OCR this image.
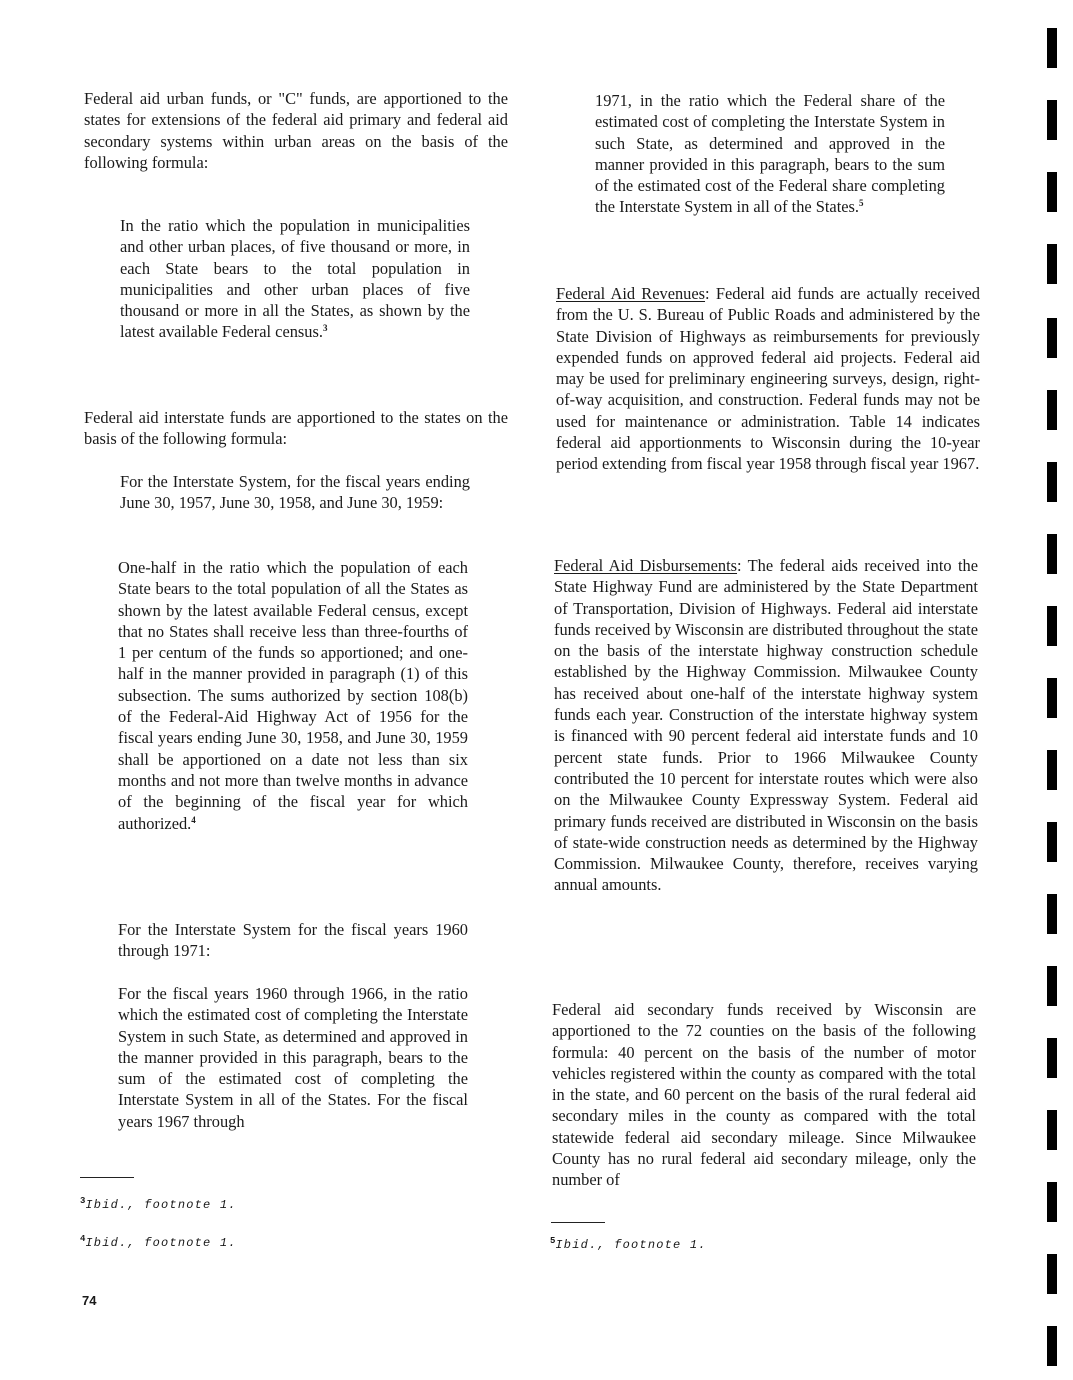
Federal aid urban funds, or "C" funds, are apportioned to the states for extensions of the federal aid primary and federal aid secondary systems within urban areas on the basis of the following formula:

In the ratio which the population in municipalities and other urban places, of five thousand or more, in each State bears to the total population in municipalities and other urban places of five thousand or more in all the States, as shown by the latest available Federal census.$^3$

Federal aid interstate funds are apportioned to the states on the basis of the following formula:

For the Interstate System, for the fiscal years ending June 30, 1957, June 30, 1958, and June 30, 1959:

One-half in the ratio which the population of each State bears to the total population of all the States as shown by the latest available Federal census, except that no States shall receive less than three-fourths of 1 per centum of the funds so apportioned; and one-half in the manner provided in paragraph (1) of this subsection. The sums authorized by section 108(b) of the Federal-Aid Highway Act of 1956 for the fiscal years ending June 30, 1958, and June 30, 1959 shall be apportioned on a date not less than six months and not more than twelve months in advance of the beginning of the fiscal year for which authorized.$^4$

For the Interstate System for the fiscal years 1960 through 1971:

For the fiscal years 1960 through 1966, in the ratio which the estimated cost of completing the Interstate System in such State, as determined and approved in the manner provided in this paragraph, bears to the sum of the estimated cost of completing the Interstate System in all of the States. For the fiscal years 1967 through

$^3$Ibid., footnote 1.

$^4$Ibid., footnote 1.

74

1971, in the ratio which the Federal share of the estimated cost of completing the Interstate System in such State, as determined and approved in the manner provided in this paragraph, bears to the sum of the estimated cost of the Federal share completing the Interstate System in all of the States.$^5$

Federal Aid Revenues: Federal aid funds are actually received from the U. S. Bureau of Public Roads and administered by the State Division of Highways as reimbursements for previously expended funds on approved federal aid projects. Federal aid may be used for preliminary engineering surveys, design, right-of-way acquisition, and construction. Federal funds may not be used for maintenance or administration. Table 14 indicates federal aid apportionments to Wisconsin during the 10-year period extending from fiscal year 1958 through fiscal year 1967.

Federal Aid Disbursements: The federal aids received into the State Highway Fund are administered by the State Department of Transportation, Division of Highways. Federal aid interstate funds received by Wisconsin are distributed throughout the state on the basis of the interstate highway construction schedule established by the Highway Commission. Milwaukee County has received about one-half of the interstate highway system funds each year. Construction of the interstate highway system is financed with 90 percent federal aid interstate funds and 10 percent state funds. Prior to 1966 Milwaukee County contributed the 10 percent for interstate routes which were also on the Milwaukee County Expressway System. Federal aid primary funds received are distributed in Wisconsin on the basis of state-wide construction needs as determined by the Highway Commission. Milwaukee County, therefore, receives varying annual amounts.

Federal aid secondary funds received by Wisconsin are apportioned to the 72 counties on the basis of the following formula: 40 percent on the basis of the number of motor vehicles registered within the county as compared with the total in the state, and 60 percent on the basis of the rural federal aid secondary miles in the county as compared with the total statewide federal aid secondary mileage. Since Milwaukee County has no rural federal aid secondary mileage, only the number of

$^5$Ibid., footnote 1.
